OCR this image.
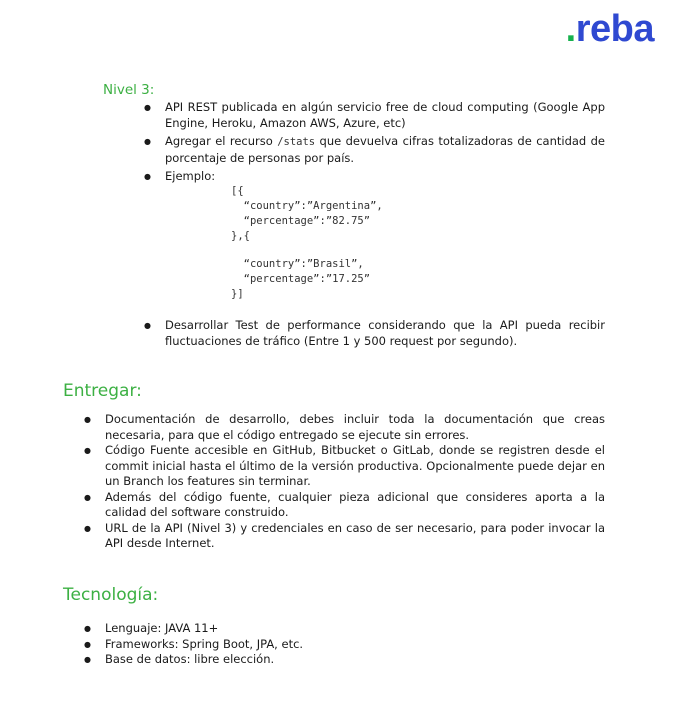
.reba
Nivel 3:
● API REST publicada en algún servicio free de cloud computing (Google App Engine, Heroku, Amazon AWS, Azure, etc)
● Agregar el recurso /stats que devuelva cifras totalizadoras de cantidad de porcentaje de personas por país.
● Ejemplo:
[{
“country”:”Argentina”,
“percentage”:”82.75”
},{
“country”:”Brasil”,
“percentage”:”17.25”
}]
● Desarrollar Test de performance considerando que la API pueda recibir fluctuaciones de tráfico (Entre 1 y 500 request por segundo).
Entregar:
● Documentación de desarrollo, debes incluir toda la documentación que creas necesaria, para que el código entregado se ejecute sin errores.
● Código Fuente accesible en GitHub, Bitbucket o GitLab, donde se registren desde el commit inicial hasta el último de la versión productiva. Opcionalmente puede dejar en un Branch los features sin terminar.
● Además del código fuente, cualquier pieza adicional que consideres aporta a la calidad del software construido.
● URL de la API (Nivel 3) y credenciales en caso de ser necesario, para poder invocar la API desde Internet.
Tecnología:
● Lenguaje: JAVA 11+
● Frameworks: Spring Boot, JPA, etc.
● Base de datos: libre elección.
